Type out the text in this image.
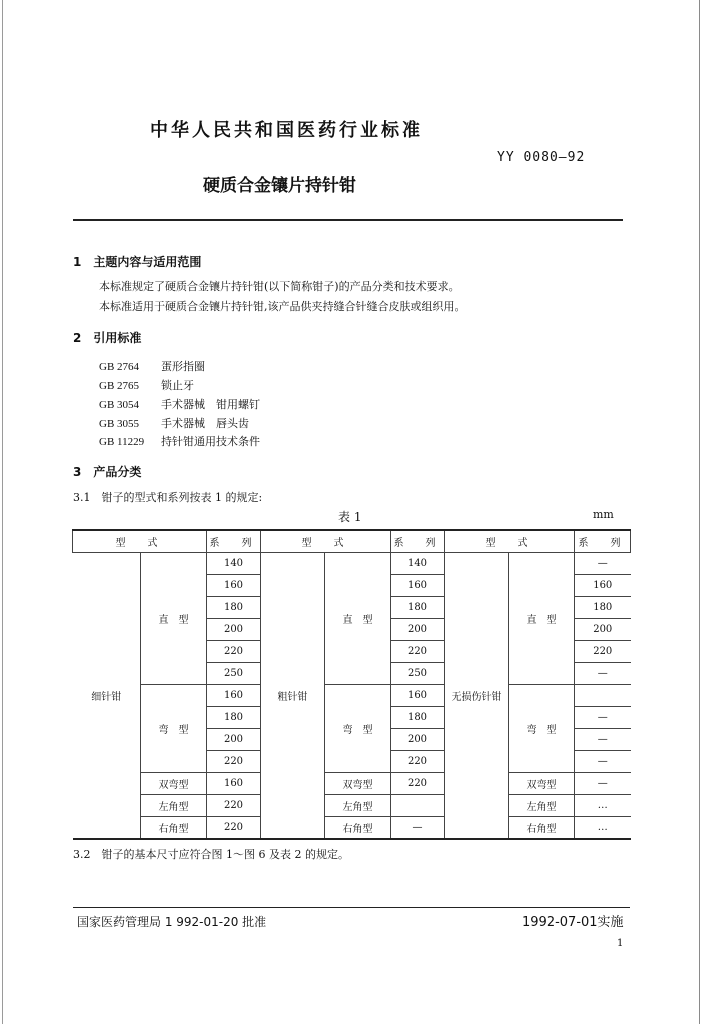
中华人民共和国医药行业标准
YY 0080—92
硬质合金镶片持针钳
1　主题内容与适用范围
本标准规定了硬质合金镶片持针钳(以下简称钳子)的产品分类和技术要求。
本标准适用于硬质合金镶片持针钳,该产品供夹持缝合针缝合皮肤或组织用。
2　引用标准
GB 2764 蛋形指圈
GB 2765 锁止牙
GB 3054 手术器械　钳用螺钉
GB 3055 手术器械　唇头齿
GB 11229 持针钳通用技术条件
3　产品分类
3.1　钳子的型式和系列按表 1 的规定:
表 1	mm
型　式		系　列	型　式		系　列	型　式		系　列
细针钳	直　型	140	粗针钳	直　型	140	无损伤针钳	直　型	—
		160			160			160
		180			180			180
		200			200			200
		220			220			220
		250			250			—
	弯　型	160		弯　型	160		弯　型	
		180			180			—
		200			200			—
		220			220			—
	双弯型	160		双弯型	220		双弯型	—
	左角型	220		左角型			左角型	…
	右角型	220		右角型	—		右角型	…
3.2　钳子的基本尺寸应符合图 1～图 6 及表 2 的规定。
国家医药管理局 1 992-01-20 批准	1992-07-01实施
1
